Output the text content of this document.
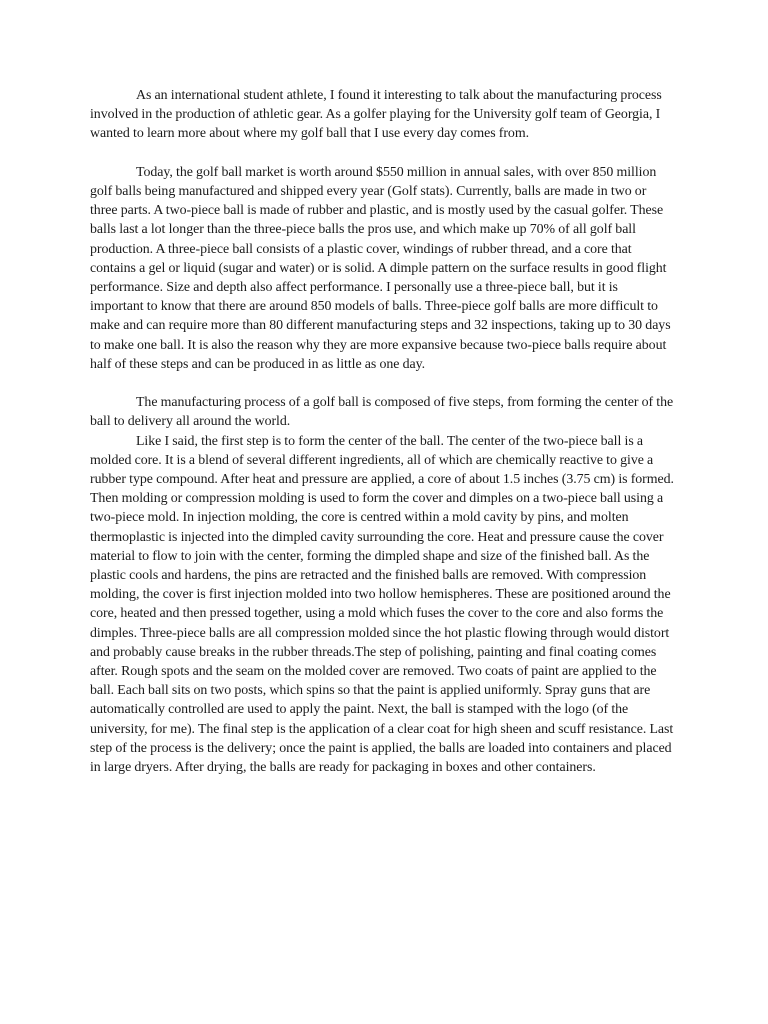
As an international student athlete, I found it interesting to talk about the manufacturing process involved in the production of athletic gear. As a golfer playing for the University golf team of Georgia, I wanted to learn more about where my golf ball that I use every day comes from.

Today, the golf ball market is worth around $550 million in annual sales, with over 850 million golf balls being manufactured and shipped every year (Golf stats). Currently, balls are made in two or three parts. A two-piece ball is made of rubber and plastic, and is mostly used by the casual golfer. These balls last a lot longer than the three-piece balls the pros use, and which make up 70% of all golf ball production. A three-piece ball consists of a plastic cover, windings of rubber thread, and a core that contains a gel or liquid (sugar and water) or is solid. A dimple pattern on the surface results in good flight performance. Size and depth also affect performance. I personally use a three-piece ball, but it is important to know that there are around 850 models of balls. Three-piece golf balls are more difficult to make and can require more than 80 different manufacturing steps and 32 inspections, taking up to 30 days to make one ball. It is also the reason why they are more expansive because two-piece balls require about half of these steps and can be produced in as little as one day.

The manufacturing process of a golf ball is composed of five steps, from forming the center of the ball to delivery all around the world.

Like I said, the first step is to form the center of the ball. The center of the two-piece ball is a molded core. It is a blend of several different ingredients, all of which are chemically reactive to give a rubber type compound. After heat and pressure are applied, a core of about 1.5 inches (3.75 cm) is formed. Then molding or compression molding is used to form the cover and dimples on a two-piece ball using a two-piece mold. In injection molding, the core is centred within a mold cavity by pins, and molten thermoplastic is injected into the dimpled cavity surrounding the core. Heat and pressure cause the cover material to flow to join with the center, forming the dimpled shape and size of the finished ball. As the plastic cools and hardens, the pins are retracted and the finished balls are removed. With compression molding, the cover is first injection molded into two hollow hemispheres. These are positioned around the core, heated and then pressed together, using a mold which fuses the cover to the core and also forms the dimples. Three-piece balls are all compression molded since the hot plastic flowing through would distort and probably cause breaks in the rubber threads.The step of polishing, painting and final coating comes after. Rough spots and the seam on the molded cover are removed. Two coats of paint are applied to the ball. Each ball sits on two posts, which spins so that the paint is applied uniformly. Spray guns that are automatically controlled are used to apply the paint. Next, the ball is stamped with the logo (of the university, for me). The final step is the application of a clear coat for high sheen and scuff resistance. Last step of the process is the delivery; once the paint is applied, the balls are loaded into containers and placed in large dryers. After drying, the balls are ready for packaging in boxes and other containers.
